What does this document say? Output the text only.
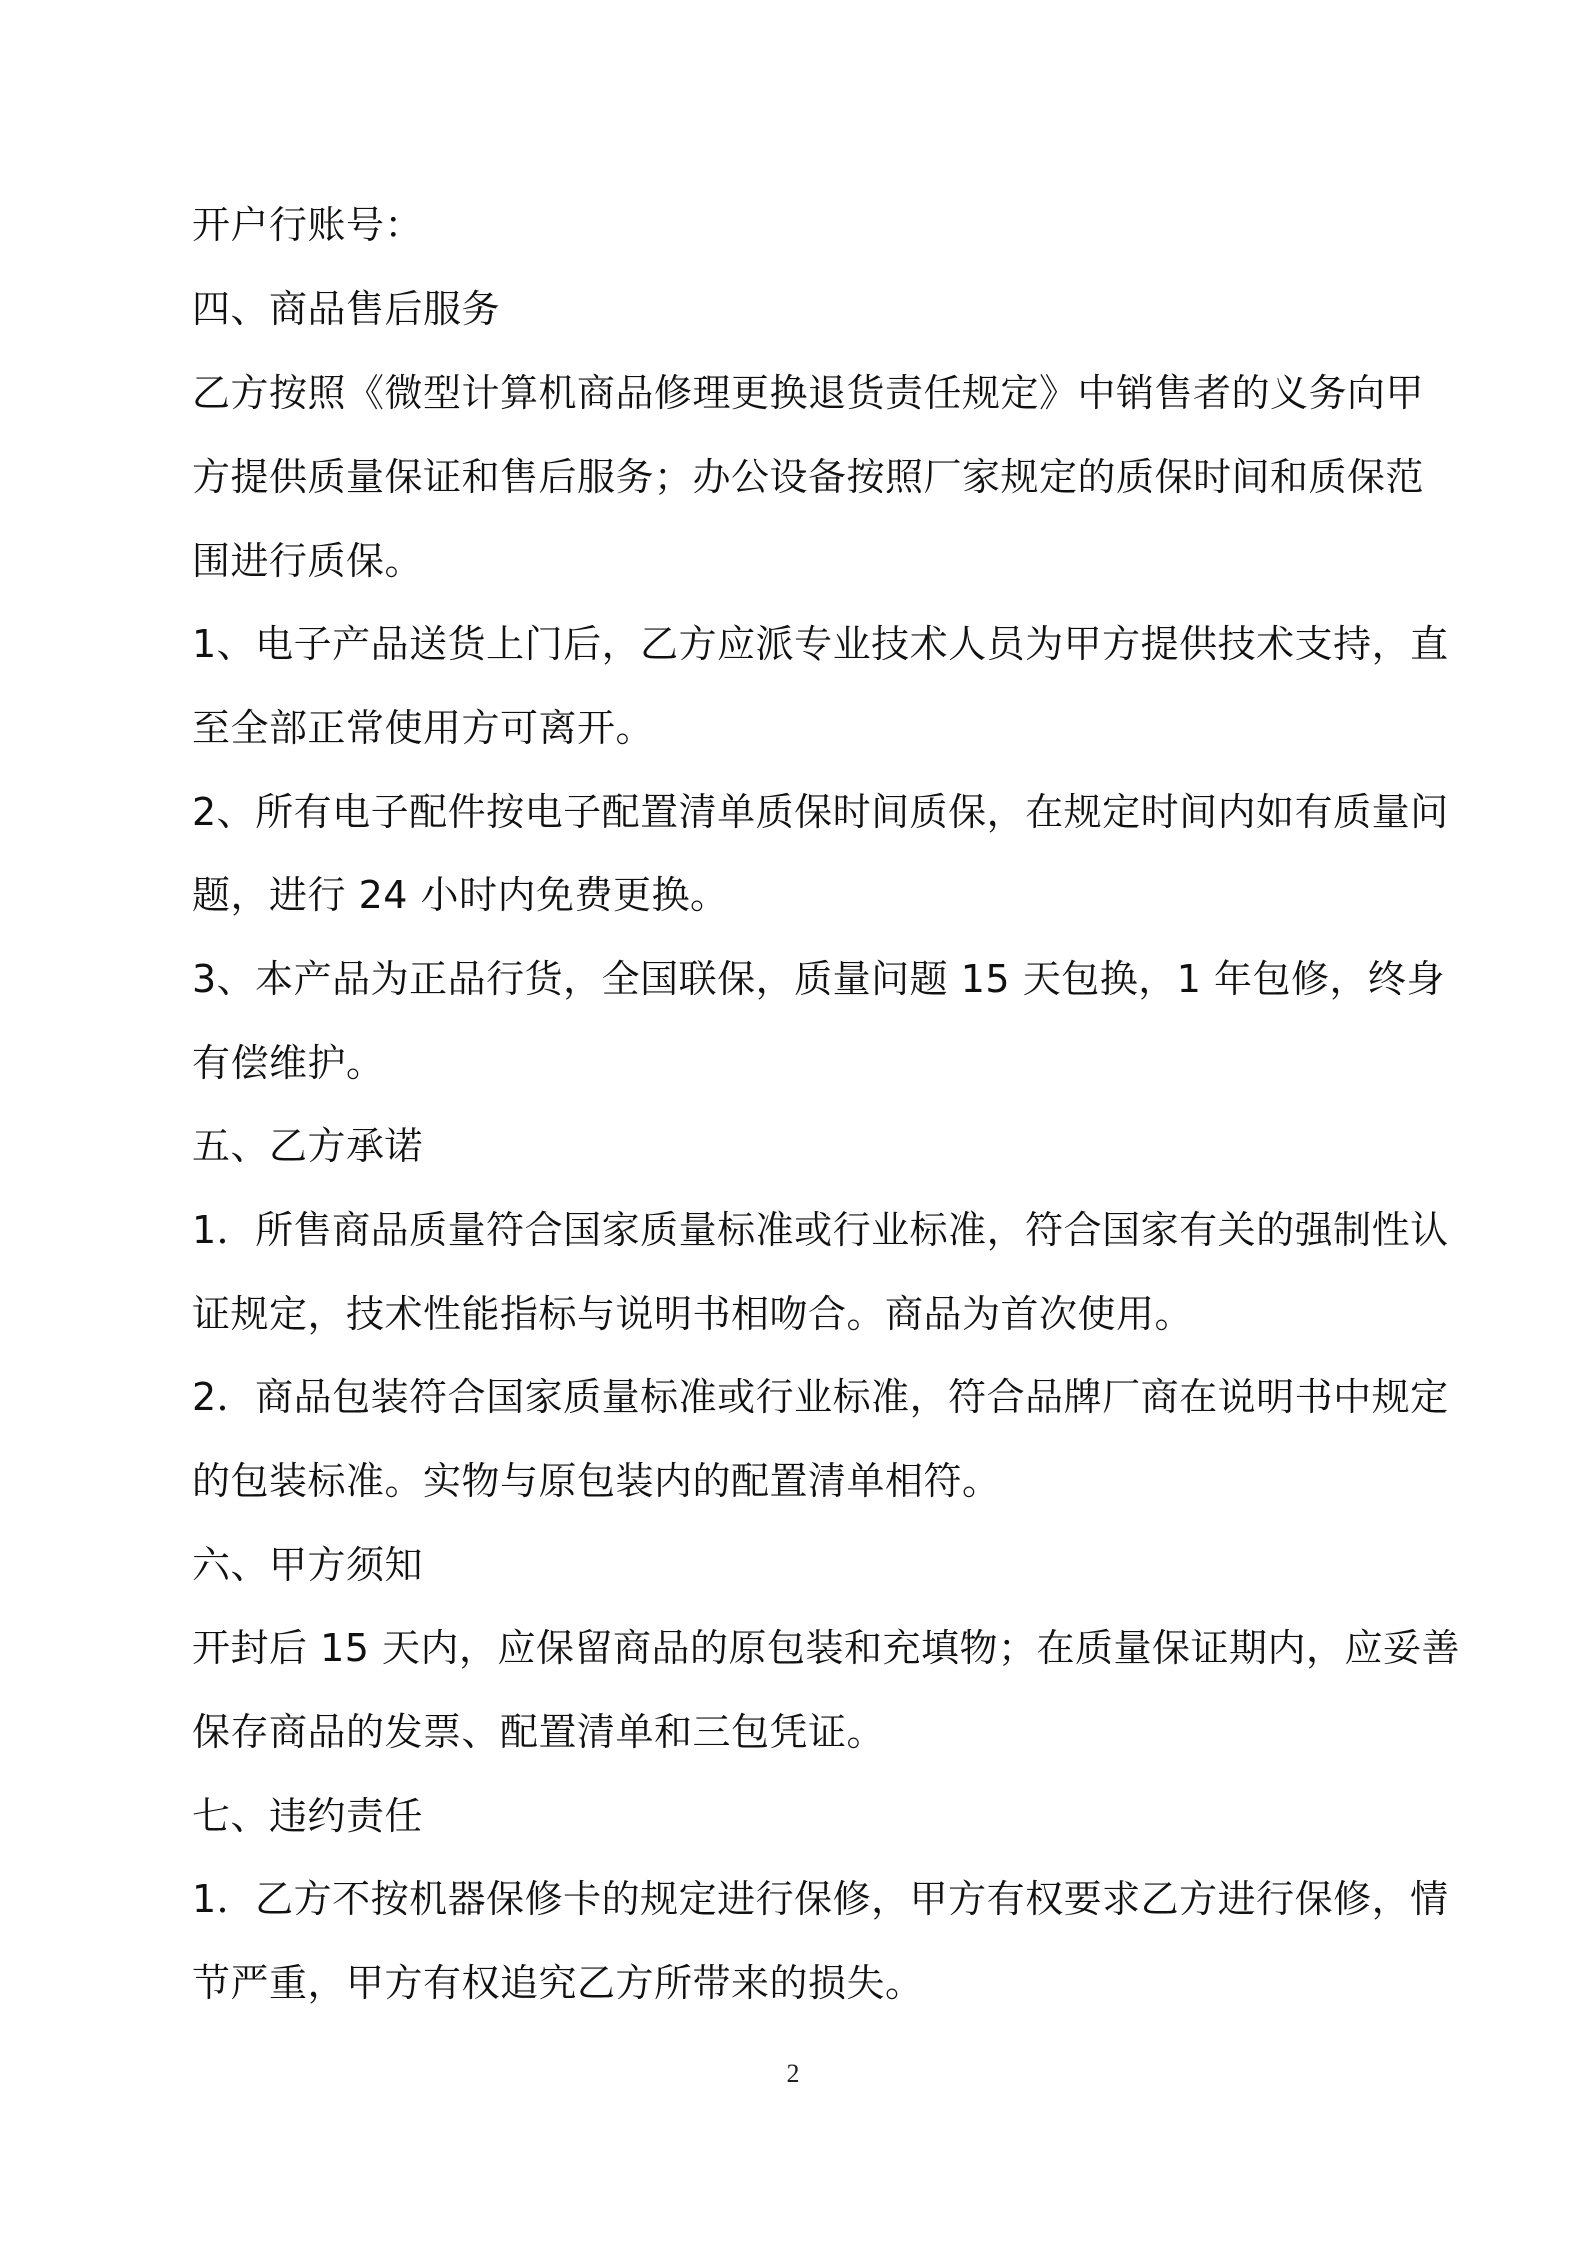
开户行账号：
四、商品售后服务
乙方按照《微型计算机商品修理更换退货责任规定》中销售者的义务向甲
方提供质量保证和售后服务；办公设备按照厂家规定的质保时间和质保范
围进行质保。
1、电子产品送货上门后，乙方应派专业技术人员为甲方提供技术支持，直
至全部正常使用方可离开。
2、所有电子配件按电子配置清单质保时间质保，在规定时间内如有质量问
题，进行 24 小时内免费更换。
3、本产品为正品行货，全国联保，质量问题 15 天包换，1 年包修，终身
有偿维护。
五、乙方承诺
1．所售商品质量符合国家质量标准或行业标准，符合国家有关的强制性认
证规定，技术性能指标与说明书相吻合。商品为首次使用。
2．商品包装符合国家质量标准或行业标准，符合品牌厂商在说明书中规定
的包装标准。实物与原包装内的配置清单相符。
六、甲方须知
开封后 15 天内，应保留商品的原包装和充填物；在质量保证期内，应妥善
保存商品的发票、配置清单和三包凭证。
七、违约责任
1．乙方不按机器保修卡的规定进行保修，甲方有权要求乙方进行保修，情
节严重，甲方有权追究乙方所带来的损失。
2
